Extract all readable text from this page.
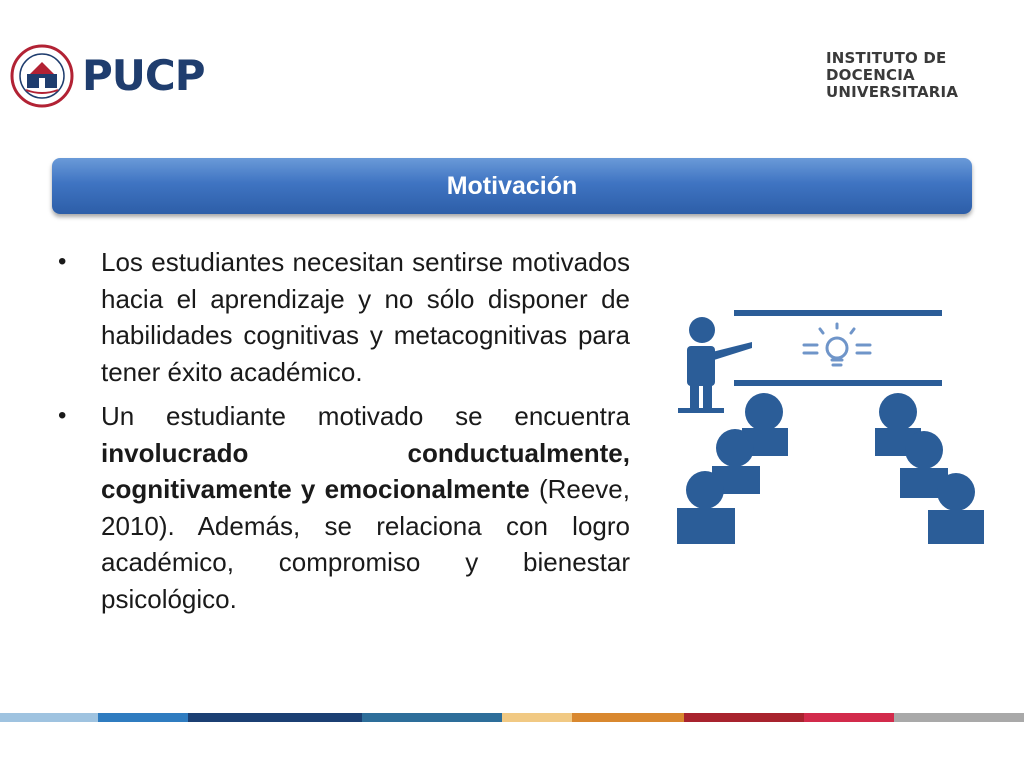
PUCP	INSTITUTO DE
DOCENCIA
UNIVERSITARIA
Motivación
• Los estudiantes necesitan sentirse motivados hacia el aprendizaje y no sólo disponer de habilidades cognitivas y metacognitivas para tener éxito académico.
• Un estudiante motivado se encuentra involucrado conductualmente, cognitivamente y emocionalmente (Reeve, 2010). Además, se relaciona con logro académico, compromiso y bienestar psicológico.
